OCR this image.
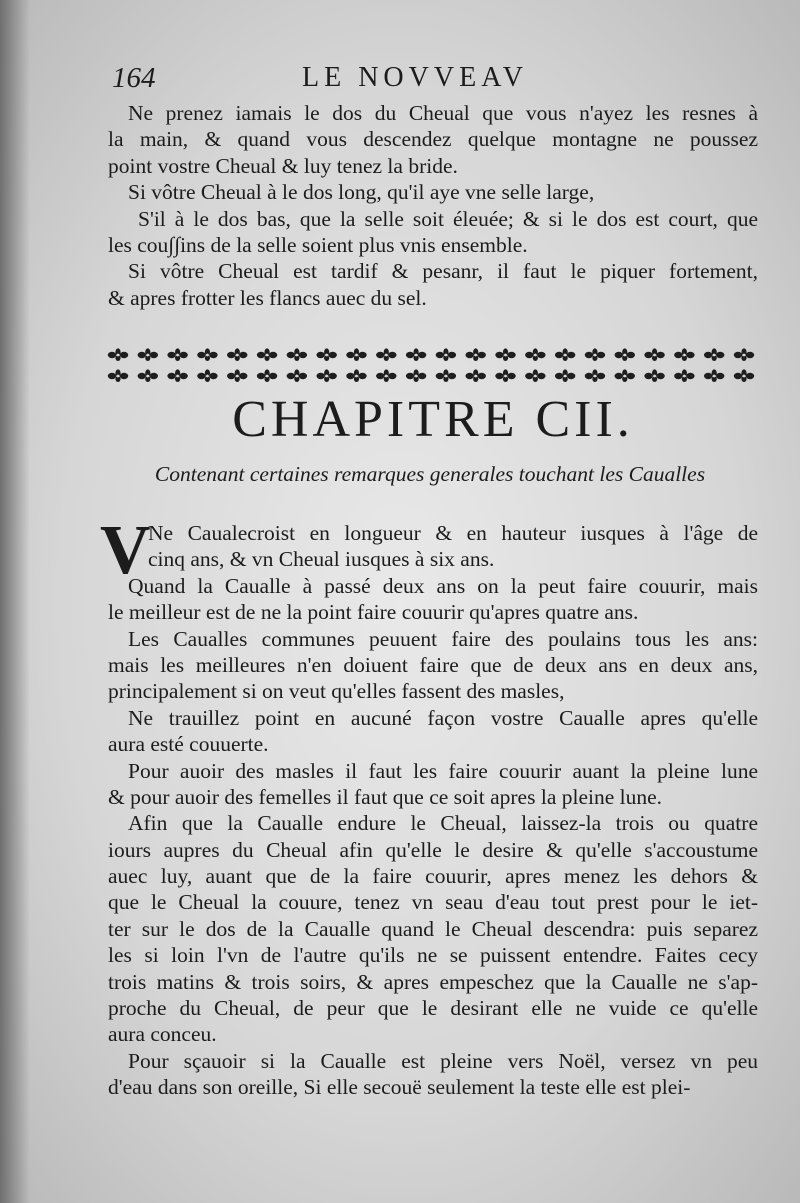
164	LE NOVVEAV
Ne prenez iamais le dos du Cheual que vous n'ayez les resnes à
la main, & quand vous descendez quelque montagne ne poussez
point vostre Cheual & luy tenez la bride.
Si vôtre Cheual à le dos long, qu'il aye vne selle large,
S'il à le dos bas, que la selle soit éleuée; & si le dos est court, que
les cou∫∫ins de la selle soient plus vnis ensemble.
Si vôtre Cheual est tardif & pesanr, il faut le piquer fortement,
& apres frotter les flancs auec du sel.
CHAPITRE CII.
Contenant certaines remarques generales touchant les Caualles
V
Ne Caualecroist en longueur & en hauteur iusques à l'âge de
cinq ans, & vn Cheual iusques à six ans.
Quand la Caualle à passé deux ans on la peut faire couurir, mais
le meilleur est de ne la point faire couurir qu'apres quatre ans.
Les Caualles communes peuuent faire des poulains tous les ans:
mais les meilleures n'en doiuent faire que de deux ans en deux ans,
principalement si on veut qu'elles fassent des masles,
Ne trauillez point en aucuné façon vostre Caualle apres qu'elle
aura esté couuerte.
Pour auoir des masles il faut les faire couurir auant la pleine lune
& pour auoir des femelles il faut que ce soit apres la pleine lune.
Afin que la Caualle endure le Cheual, laissez-la trois ou quatre
iours aupres du Cheual afin qu'elle le desire & qu'elle s'accoustume
auec luy, auant que de la faire couurir, apres menez les dehors &
que le Cheual la couure, tenez vn seau d'eau tout prest pour le iet-
ter sur le dos de la Caualle quand le Cheual descendra: puis separez
les si loin l'vn de l'autre qu'ils ne se puissent entendre. Faites cecy
trois matins & trois soirs, & apres empeschez que la Caualle ne s'ap-
proche du Cheual, de peur que le desirant elle ne vuide ce qu'elle
aura conceu.
Pour sçauoir si la Caualle est pleine vers Noël, versez vn peu
d'eau dans son oreille, Si elle secouë seulement la teste elle est plei-
